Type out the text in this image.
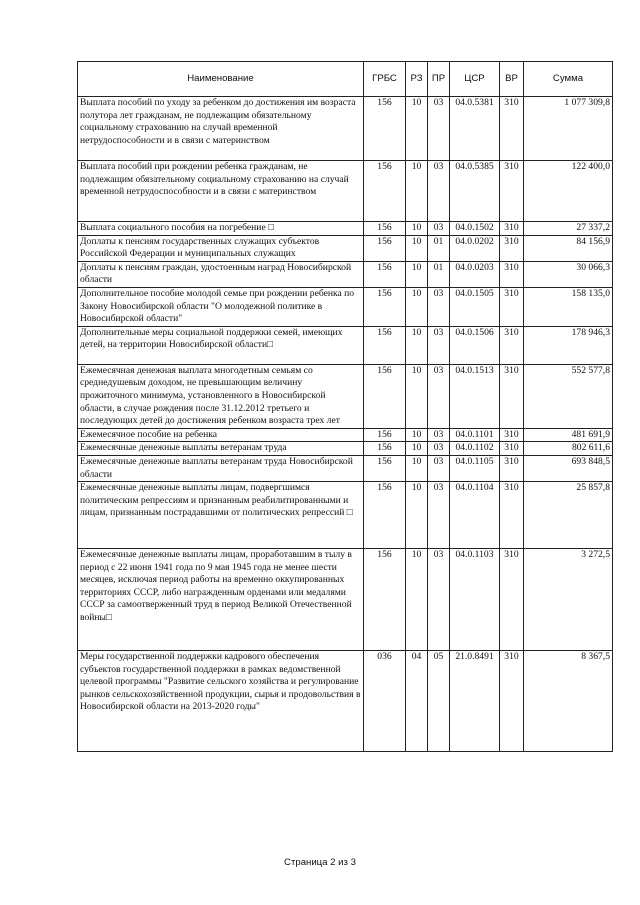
Наименование	ГРБС	РЗ	ПР	ЦСР	ВР	Сумма
Выплата пособий по уходу за ребенком до достижения им возраста полутора лет гражданам, не подлежащим обязательному социальному страхованию на случай временной нетрудоспособности и в связи с материнством	156	10	03	04.0.5381	310	1 077 309,8
Выплата пособий при рождении ребенка гражданам, не подлежащим обязательному социальному страхованию на случай временной нетрудоспособности и в связи с материнством	156	10	03	04.0.5385	310	122 400,0
Выплата социального пособия на погребение □	156	10	03	04.0.1502	310	27 337,2
Доплаты к пенсиям государственных служащих субъектов Российской Федерации и муниципальных служащих	156	10	01	04.0.0202	310	84 156,9
Доплаты к пенсиям граждан, удостоенным наград Новосибирской области	156	10	01	04.0.0203	310	30 066,3
Дополнительное пособие молодой семье при рождении ребенка по Закону Новосибирской области "О молодежной политике в Новосибирской области"	156	10	03	04.0.1505	310	158 135,0
Дополнительные меры социальной поддержки семей, имеющих детей, на территории Новосибирской области□	156	10	03	04.0.1506	310	178 946,3
Ежемесячная денежная выплата многодетным семьям со среднедушевым доходом, не превышающим величину прожиточного минимума, установленного в Новосибирской области, в случае рождения после 31.12.2012 третьего и последующих детей до достижения ребенком возраста трех лет	156	10	03	04.0.1513	310	552 577,8
Ежемесячное пособие на ребенка	156	10	03	04.0.1101	310	481 691,9
Ежемесячные денежные выплаты ветеранам труда	156	10	03	04.0.1102	310	802 611,6
Ежемесячные денежные выплаты ветеранам труда Новосибирской области	156	10	03	04.0.1105	310	693 848,5
Ежемесячные денежные выплаты лицам, подвергшимся политическим репрессиям и признанным реабилитированными и лицам, признанным пострадавшими от политических репрессий □	156	10	03	04.0.1104	310	25 857,8
Ежемесячные денежные выплаты лицам, проработавшим в тылу в период с 22 июня 1941 года по 9 мая 1945 года не менее шести месяцев, исключая период работы на временно оккупированных территориях СССР, либо награжденным орденами или медалями СССР за самоотверженный труд в период Великой Отечественной войны□	156	10	03	04.0.1103	310	3 272,5
Меры государственной поддержки кадрового обеспечения субъектов государственной поддержки в рамках ведомственной целевой программы "Развитие сельского хозяйства и регулирование рынков сельскохозяйственной продукции, сырья и продовольствия в Новосибирской области на 2013-2020 годы"	036	04	05	21.0.8491	310	8 367,5
Страница 2 из 3
